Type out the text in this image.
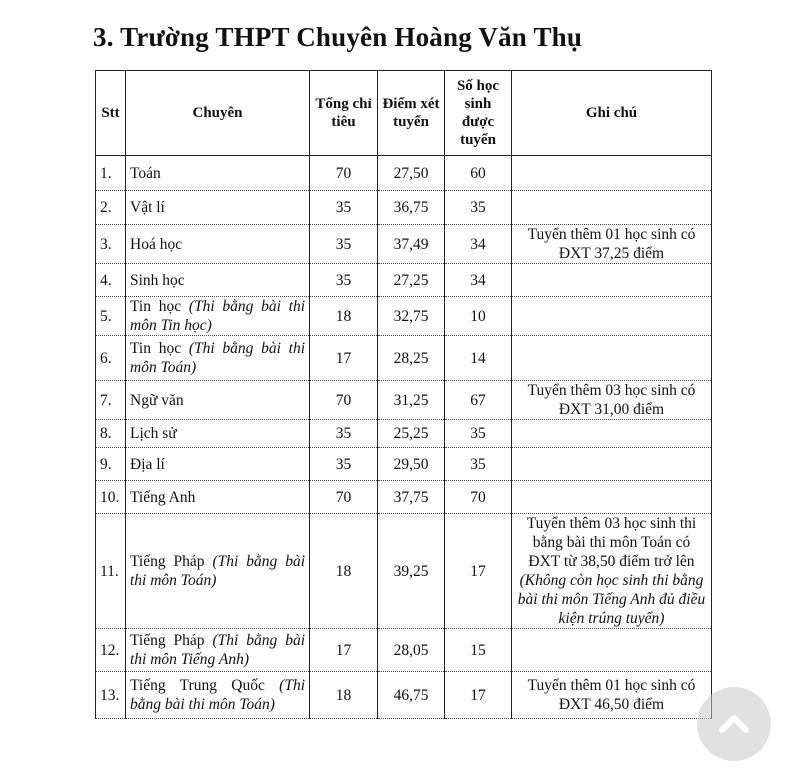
3. Trường THPT Chuyên Hoàng Văn Thụ
Stt	Chuyên	Tổng chỉ tiêu	Điểm xét tuyển	Số học sinh được tuyển	Ghi chú
1.	Toán	70	27,50	60	
2.	Vật lí	35	36,75	35	
3.	Hoá học	35	37,49	34	Tuyển thêm 01 học sinh có ĐXT 37,25 điểm

4.	Sinh học	35	27,25	34	
5.	Tin học (Thi bằng bài thi môn Tin học)	18	32,75	10	
6.	Tin học (Thi bằng bài thi môn Toán)	17	28,25	14	
7.	Ngữ văn	70	31,25	67	Tuyển thêm 03 học sinh có ĐXT 31,00 điểm

8.	Lịch sử	35	25,25	35	
9.	Địa lí	35	29,50	35	
10.	Tiếng Anh	70	37,75	70	
11.	Tiếng Pháp (Thi bằng bài thi môn Toán)	18	39,25	17	Tuyển thêm 03 học sinh thi bằng bài thi môn Toán có ĐXT từ 38,50 điểm trở lên
(Không còn học sinh thi bằng bài thi môn Tiếng Anh đủ điều kiện trúng tuyển)

12.	Tiếng Pháp (Thi bằng bài thi môn Tiếng Anh)	17	28,05	15	
13.	Tiếng Trung Quốc (Thi bằng bài thi môn Toán)	18	46,75	17	Tuyển thêm 01 học sinh có ĐXT 46,50 điểm
